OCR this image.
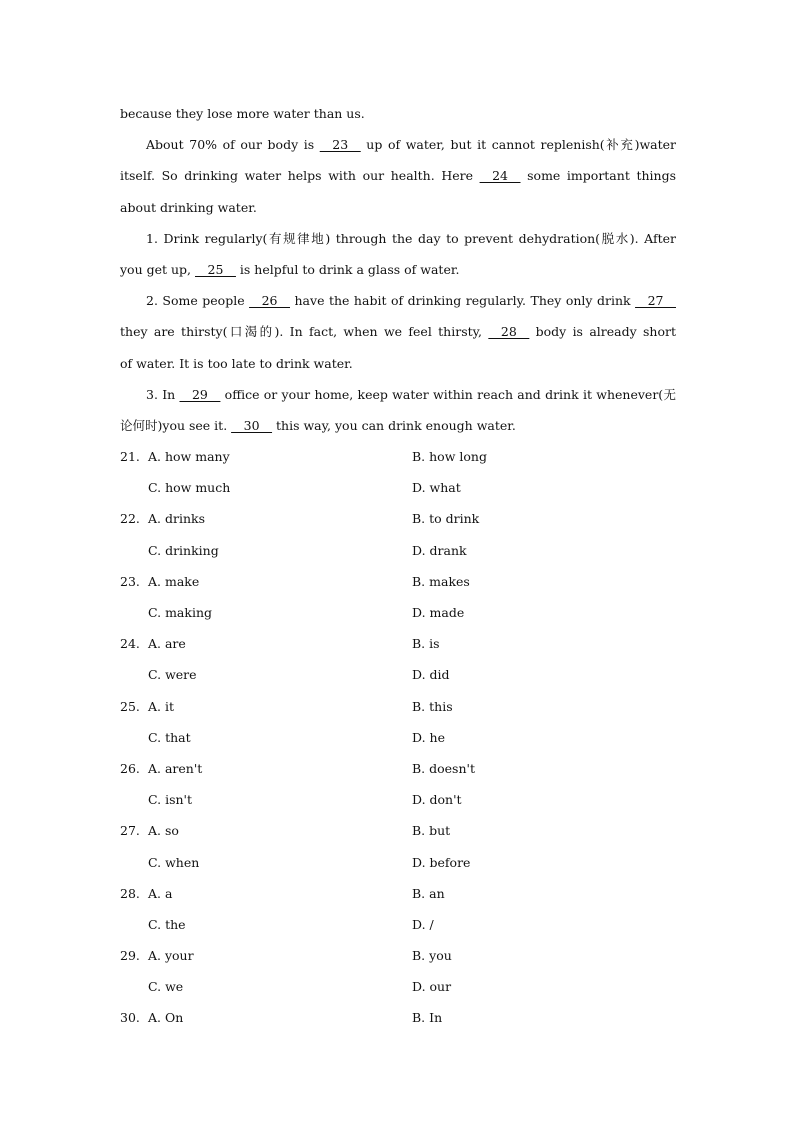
because they lose more water than us.
About 70% of our body is __23__ up of water, but it cannot replenish(补充)water
itself. So drinking water helps with our health. Here __24__ some important things
about drinking water.
1. Drink regularly(有规律地) through the day to prevent dehydration(脱水). After
you get up, __25__ is helpful to drink a glass of water.
2. Some people __26__ have the habit of drinking regularly. They only drink __27__
they are thirsty(口渴的). In fact, when we feel thirsty, __28__ body is already short
of water. It is too late to drink water.
3. In __29__ office or your home, keep water within reach and drink it whenever(无
论何时)you see it. __30__ this way, you can drink enough water.
21. A. how many	B. how long
C. how much	D. what
22. A. drinks	B. to drink
C. drinking	D. drank
23. A. make	B. makes
C. making	D. made
24. A. are	B. is
C. were	D. did
25. A. it	B. this
C. that	D. he
26. A. aren't	B. doesn't
C. isn't	D. don't
27. A. so	B. but
C. when	D. before
28. A. a	B. an
C. the	D. /
29. A. your	B. you
C. we	D. our
30. A. On	B. In
